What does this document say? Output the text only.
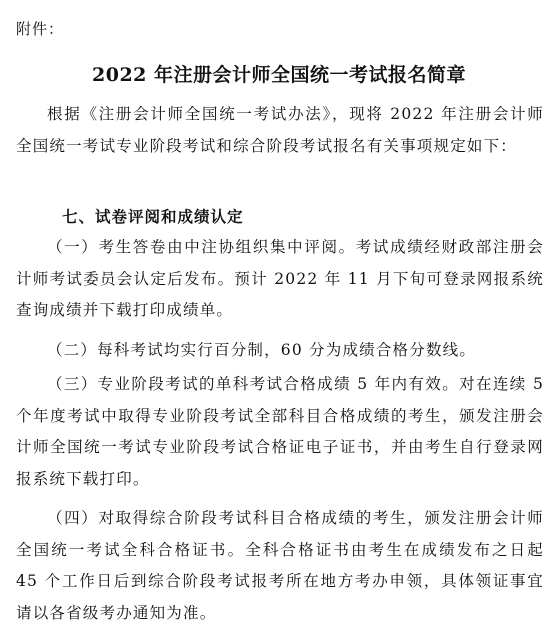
附件：
2022 年注册会计师全国统一考试报名简章

根据《注册会计师全国统一考试办法》，现将 2022 年注册会计师全国统一考试专业阶段考试和综合阶段考试报名有关事项规定如下：

七、试卷评阅和成绩认定

（一）考生答卷由中注协组织集中评阅。考试成绩经财政部注册会计师考试委员会认定后发布。预计 2022 年 11 月下旬可登录网报系统查询成绩并下载打印成绩单。

（二）每科考试均实行百分制，60 分为成绩合格分数线。

（三）专业阶段考试的单科考试合格成绩 5 年内有效。对在连续 5 个年度考试中取得专业阶段考试全部科目合格成绩的考生，颁发注册会计师全国统一考试专业阶段考试合格证电子证书，并由考生自行登录网报系统下载打印。

（四）对取得综合阶段考试科目合格成绩的考生，颁发注册会计师全国统一考试全科合格证书。全科合格证书由考生在成绩发布之日起 45 个工作日后到综合阶段考试报考所在地方考办申领，具体领证事宜请以各省级考办通知为准。
